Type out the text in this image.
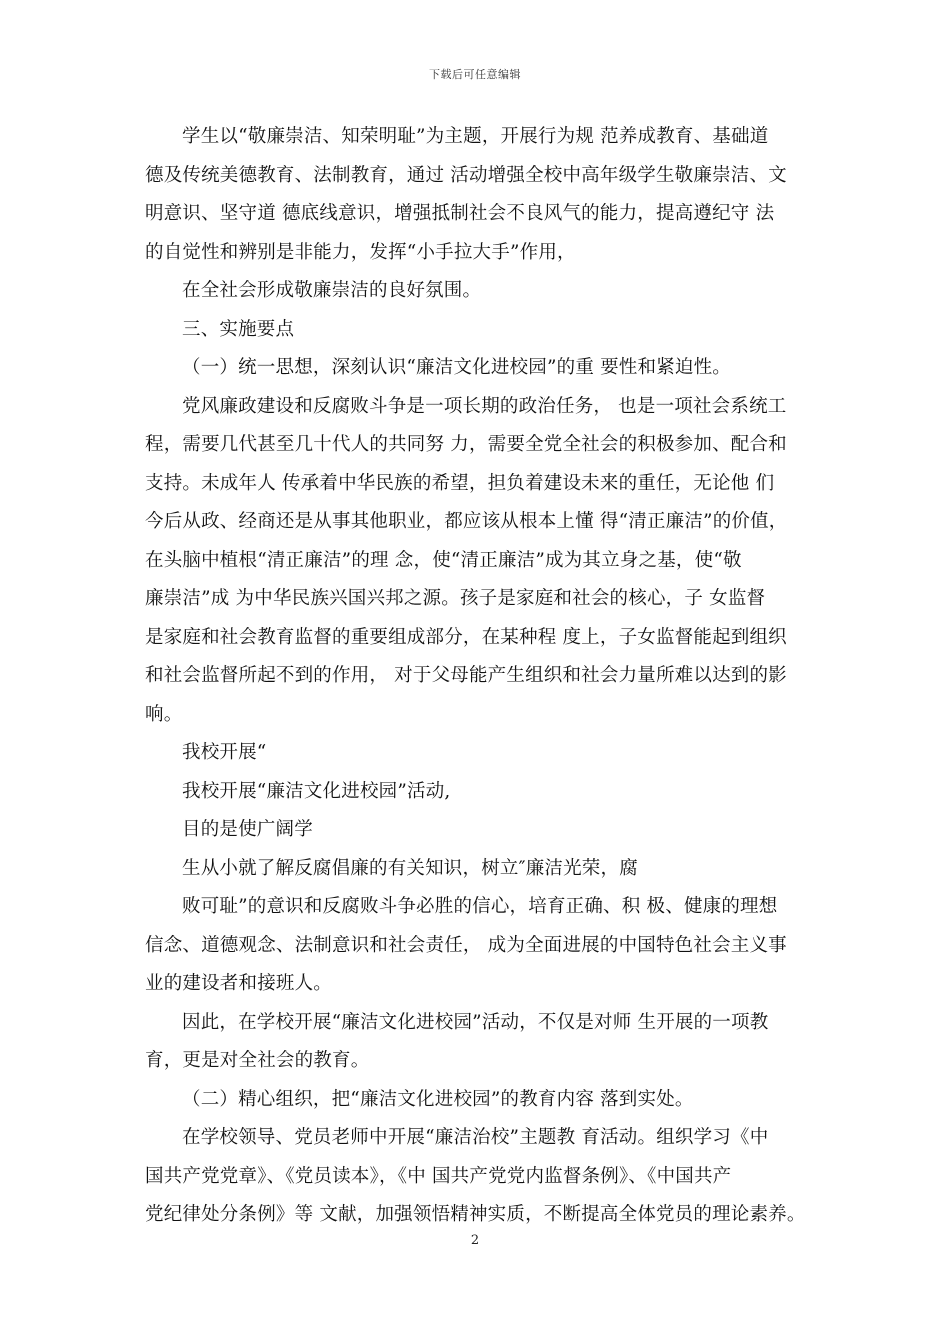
下载后可任意编辑
学生以“敬廉崇洁、知荣明耻”为主题，开展行为规 范养成教育、基础道
德及传统美德教育、法制教育，通过 活动增强全校中高年级学生敬廉崇洁、文
明意识、坚守道 德底线意识，增强抵制社会不良风气的能力，提高遵纪守 法
的自觉性和辨别是非能力，发挥“小手拉大手”作用，
在全社会形成敬廉崇洁的良好氛围。
三、实施要点
（一）统一思想，深刻认识“廉洁文化进校园”的重 要性和紧迫性。
党风廉政建设和反腐败斗争是一项长期的政治任务， 也是一项社会系统工
程，需要几代甚至几十代人的共同努 力，需要全党全社会的积极参加、配合和
支持。未成年人 传承着中华民族的希望，担负着建设未来的重任，无论他 们
今后从政、经商还是从事其他职业，都应该从根本上懂 得“清正廉洁”的价值，
在头脑中植根“清正廉洁”的理 念，使“清正廉洁”成为其立身之基，使“敬
廉崇洁”成 为中华民族兴国兴邦之源。孩子是家庭和社会的核心，子 女监督
是家庭和社会教育监督的重要组成部分，在某种程 度上，子女监督能起到组织
和社会监督所起不到的作用， 对于父母能产生组织和社会力量所难以达到的影
响。
我校开展“
我校开展“廉洁文化进校园”活动,
目的是使广阔学
生从小就了解反腐倡廉的有关知识，树立″廉洁光荣，腐
败可耻”的意识和反腐败斗争必胜的信心，培育正确、积 极、健康的理想
信念、道德观念、法制意识和社会责任， 成为全面进展的中国特色社会主义事
业的建设者和接班人。
因此，在学校开展“廉洁文化进校园”活动，不仅是对师 生开展的一项教
育，更是对全社会的教育。
（二）精心组织，把“廉洁文化进校园”的教育内容 落到实处。
在学校领导、党员老师中开展“廉洁治校”主题教 育活动。组织学习《中
国共产党党章》、《党员读本》，《中 国共产党党内监督条例》、《中国共产
党纪律处分条例》等 文献，加强领悟精神实质，不断提高全体党员的理论素养。
2
